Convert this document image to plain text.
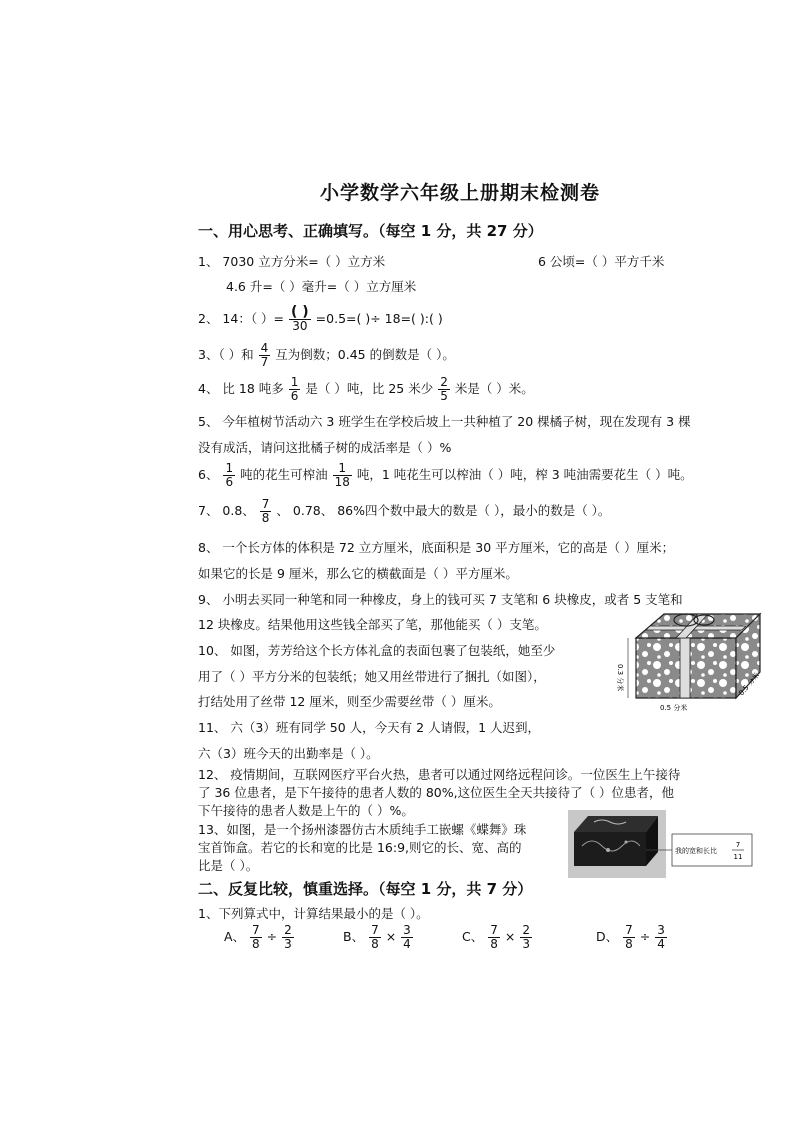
小学数学六年级上册期末检测卷
一、用心思考、正确填写。（每空 1 分，共 27 分）
1、 7030 立方分米=（ ）立方米	6 公顷=（ ）平方千米
4.6 升=（ ）毫升=（ ）立方厘米
2、 14：（ ）= $\frac{( )}{30} =0.5=$( )÷ 18=( ):( )
3、（ ）和 $\frac{4}{7}$ 互为倒数；0.45 的倒数是（ ）。
4、 比 18 吨多 $\frac{1}{6}$ 是（ ）吨，比 25 米少 $\frac{2}{5}$ 米是（ ）米。
5、 今年植树节活动六 3 班学生在学校后坡上一共种植了 20 棵橘子树，现在发现有 3 棵
没有成活，请问这批橘子树的成活率是（ ）%
6、 $\frac{1}{6}$ 吨的花生可榨油 $\frac{1}{18}$ 吨，1 吨花生可以榨油（ ）吨，榨 3 吨油需要花生（ ）吨。
7、 0.8、 $\frac{7}{8}$ 、 0.78、 86%四个数中最大的数是（ ），最小的数是（ ）。
8、 一个长方体的体积是 72 立方厘米，底面积是 30 平方厘米，它的高是（ ）厘米；
如果它的长是 9 厘米，那么它的横截面是（ ）平方厘米。
9、 小明去买同一种笔和同一种橡皮，身上的钱可买 7 支笔和 6 块橡皮，或者 5 支笔和
12 块橡皮。结果他用这些钱全部买了笔，那他能买（ ）支笔。
10、 如图，芳芳给这个长方体礼盒的表面包裹了包装纸，她至少
用了（ ）平方分米的包装纸；她又用丝带进行了捆扎（如图），
打结处用了丝带 12 厘米，则至少需要丝带（ ）厘米。
0.3 分米
0.5 分米
0.5 分米
11、 六（3）班有同学 50 人，今天有 2 人请假，1 人迟到，
六（3）班今天的出勤率是（ ）。
12、 疫情期间，互联网医疗平台火热，患者可以通过网络远程问诊。一位医生上午接待
了 36 位患者，是下午接待的患者人数的 80%,这位医生全天共接待了（ ）位患者，他
下午接待的患者人数是上午的（ ）%。
13、如图，是一个扬州漆器仿古木质纯手工嵌螺《蝶舞》珠
宝首饰盒。若它的长和宽的比是 16:9,则它的长、宽、高的
比是（ ）。
我的宽和长比
7
11
二、反复比较，慎重选择。（每空 1 分，共 7 分）
1、下列算式中，计算结果最小的是（ ）。
A、 $\frac{7}{8} \div \frac{2}{3}$	B、 $\frac{7}{8} \times \frac{3}{4}$	C、 $\frac{7}{8} \times \frac{2}{3}$	D、 $\frac{7}{8} \div \frac{3}{4}$
